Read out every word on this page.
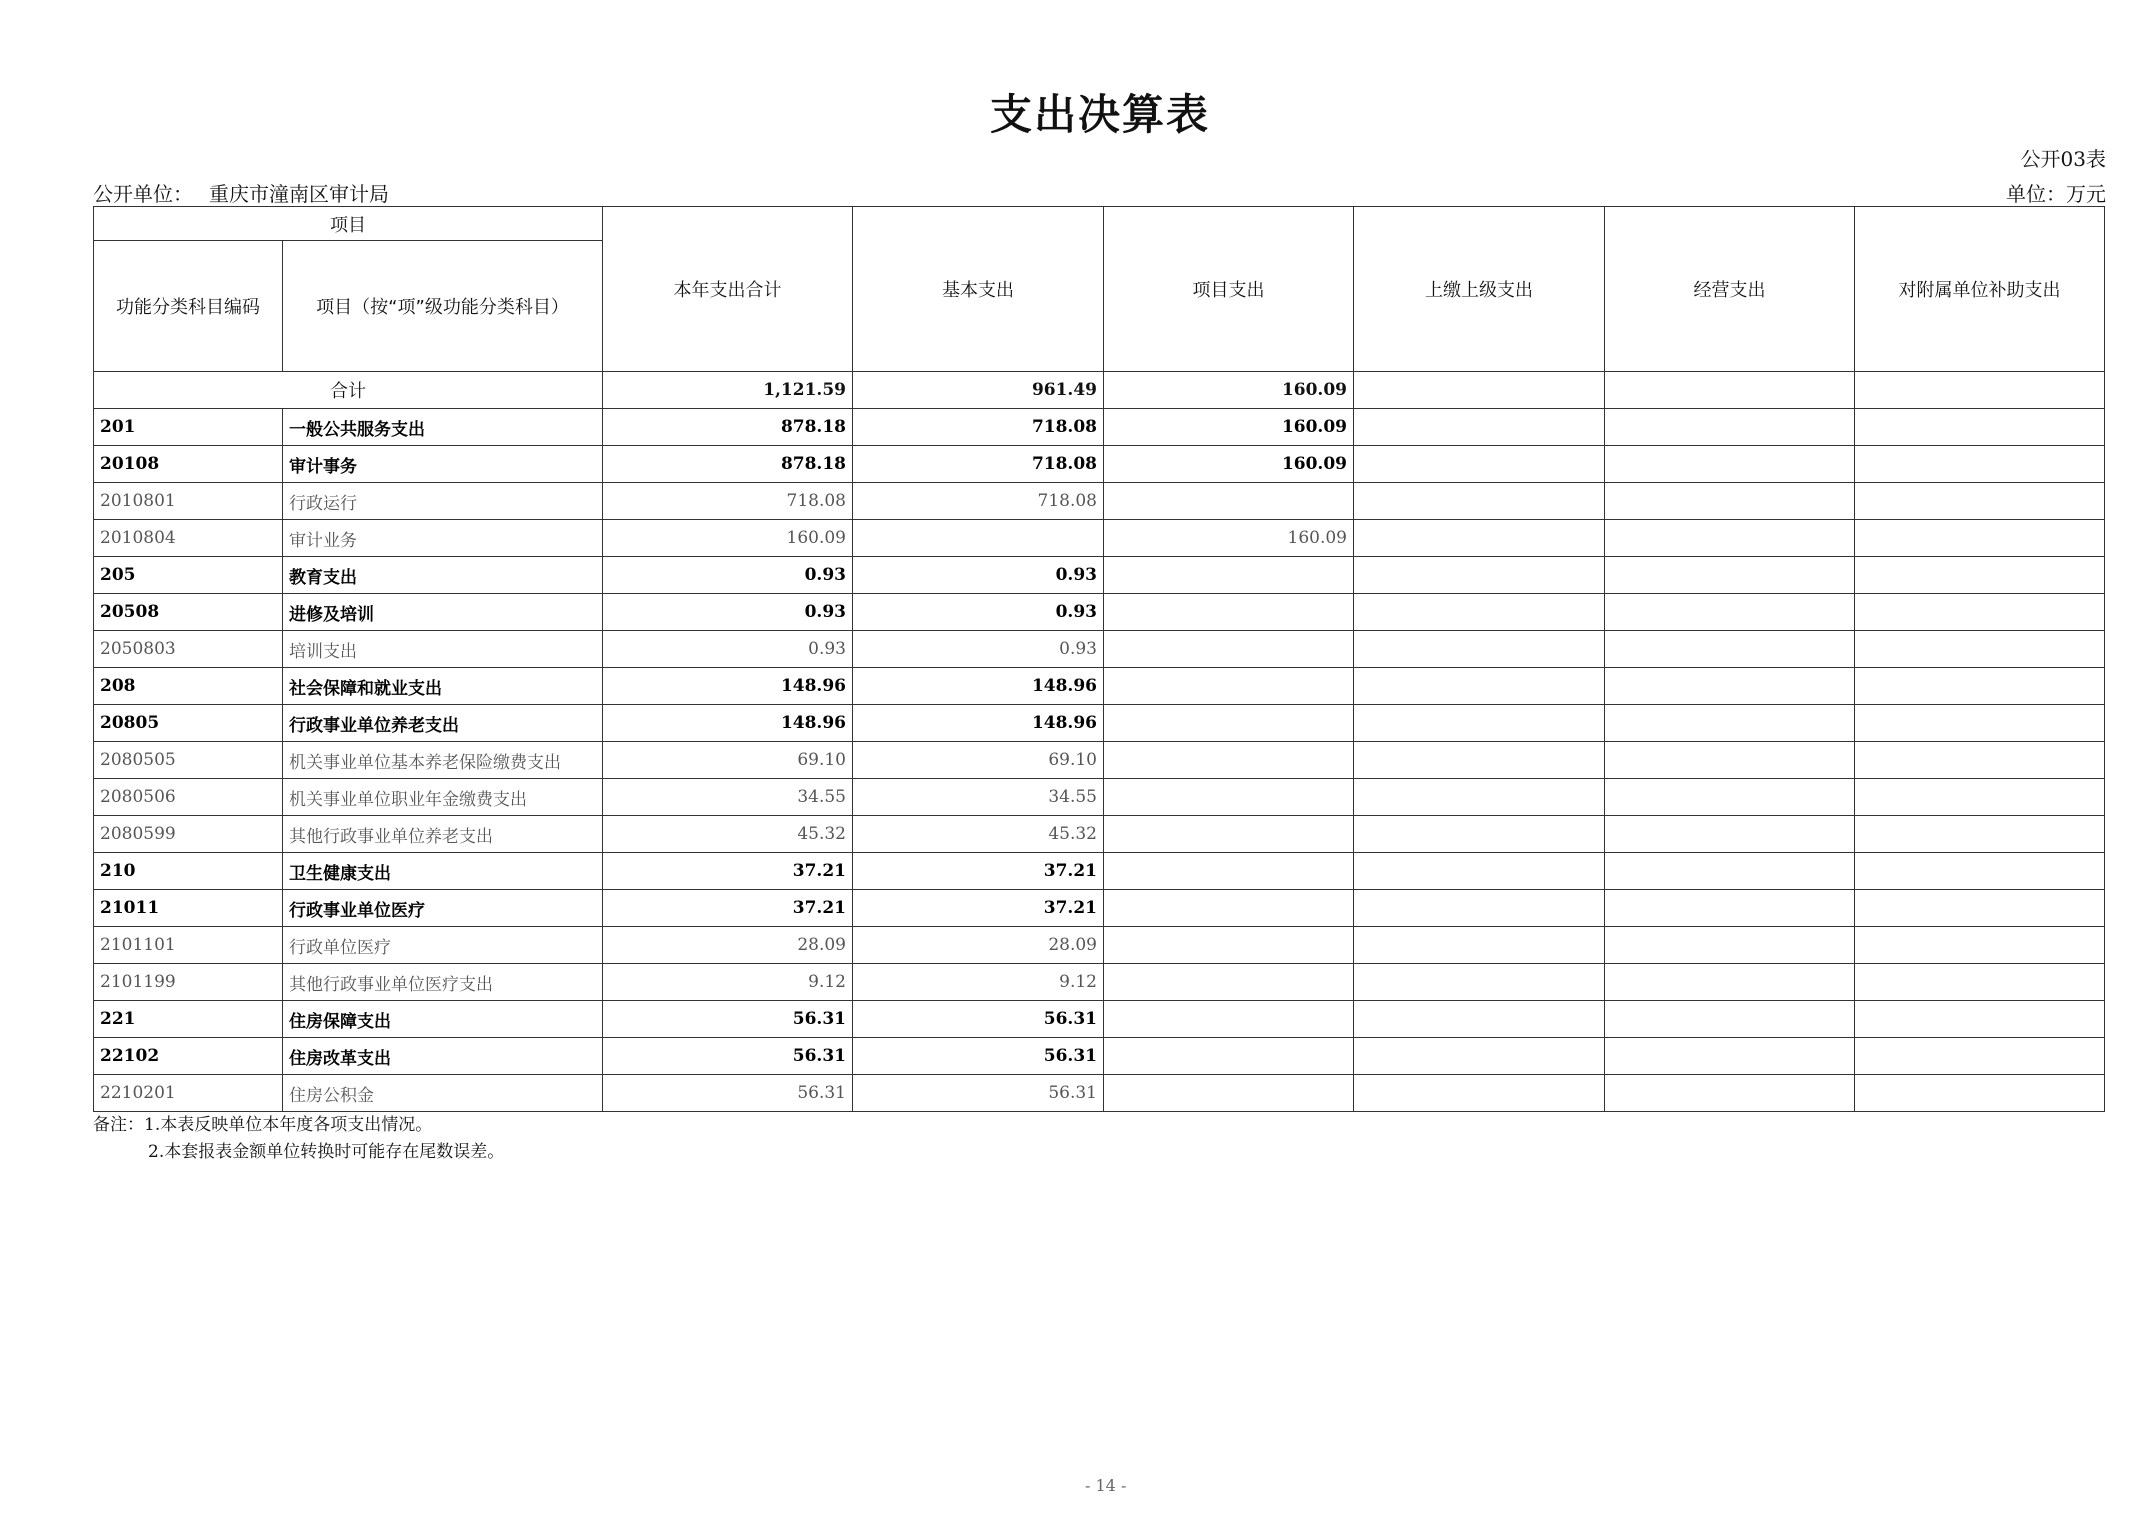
支出决算表
公开03表
公开单位： 重庆市潼南区审计局	单位：万元
项目		本年支出合计	基本支出	项目支出	上缴上级支出	经营支出	对附属单位补助支出
功能分类科目编码	项目（按“项”级功能分类科目）						
合计		1,121.59	961.49	160.09			
201	一般公共服务支出	878.18	718.08	160.09			
20108	审计事务	878.18	718.08	160.09			
2010801	行政运行	718.08	718.08				
2010804	审计业务	160.09		160.09			
205	教育支出	0.93	0.93				
20508	进修及培训	0.93	0.93				
2050803	培训支出	0.93	0.93				
208	社会保障和就业支出	148.96	148.96				
20805	行政事业单位养老支出	148.96	148.96				
2080505	机关事业单位基本养老保险缴费支出	69.10	69.10				
2080506	机关事业单位职业年金缴费支出	34.55	34.55				
2080599	其他行政事业单位养老支出	45.32	45.32				
210	卫生健康支出	37.21	37.21				
21011	行政事业单位医疗	37.21	37.21				
2101101	行政单位医疗	28.09	28.09				
2101199	其他行政事业单位医疗支出	9.12	9.12				
221	住房保障支出	56.31	56.31				
22102	住房改革支出	56.31	56.31				
2210201	住房公积金	56.31	56.31				
备注：1.本表反映单位本年度各项支出情况。
2.本套报表金额单位转换时可能存在尾数误差。
- 14 -
